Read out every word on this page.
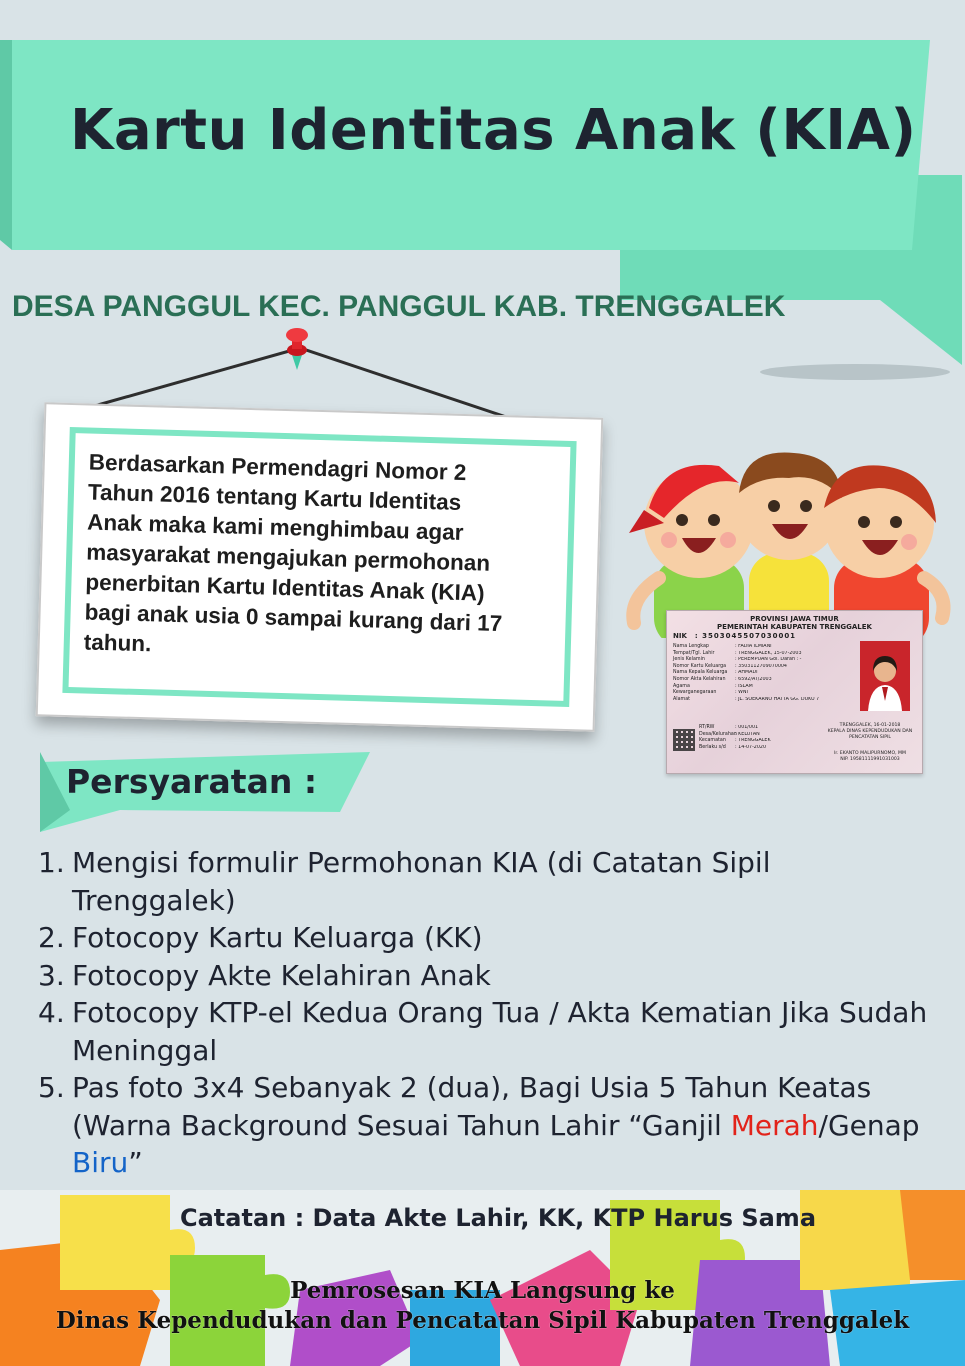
Kartu Identitas Anak (KIA)
DESA PANGGUL KEC. PANGGUL KAB. TRENGGALEK

Berdasarkan Permendagri Nomor 2
Tahun 2016 tentang Kartu Identitas
Anak maka kami menghimbau agar
masyarakat mengajukan permohonan
penerbitan Kartu Identitas Anak (KIA)
bagi anak usia 0 sampai kurang dari 17
tahun.

PROVINSI JAWA TIMUR
PEMERINTAH KABUPATEN TRENGGALEK
NIK : 3503045507030001
Nama Lengkap	: FADIA ILMIANI
Tempat/Tgl. Lahir	: TRENGGALEK, 15-07-2003
Jenis Kelamin	: PEREMPUAN Gol. Darah : -
Nomor Kartu Keluarga	: 3503112709070004
Nama Kepala Keluarga	: AHMADI
Nomor Akta Kelahiran	: 6592/AT/2003
Agama	: ISLAM
Kewarganegaraan	: WNI
Alamat	: JL. SOEKARNO HATTA GG. DUKU 7
RT/RW	: 001/001
Desa/Kelurahan
: KELUTAN
Kecamatan	: TRENGGALEK
Berlaku s/d	: 14-07-2020
TRENGGALEK, 16-01-2018
KEPALA DINAS KEPENDUDUKAN DAN PENCATATAN SIPIL
Ir. EKANTO MALIPURNOMO, MM
NIP. 19581111991031003
Persyaratan :
1. Mengisi formulir Permohonan KIA (di Catatan Sipil Trenggalek)
2. Fotocopy Kartu Keluarga (KK)
3. Fotocopy Akte Kelahiran Anak
4. Fotocopy KTP-el Kedua Orang Tua / Akta Kematian Jika Sudah Meninggal
5. Pas foto 3x4 Sebanyak 2 (dua), Bagi Usia 5 Tahun Keatas (Warna Background Sesuai Tahun Lahir “Ganjil Merah/Genap Biru”
Catatan : Data Akte Lahir, KK, KTP Harus Sama
Pemrosesan KIA Langsung ke
Dinas Kependudukan dan Pencatatan Sipil Kabupaten Trenggalek
